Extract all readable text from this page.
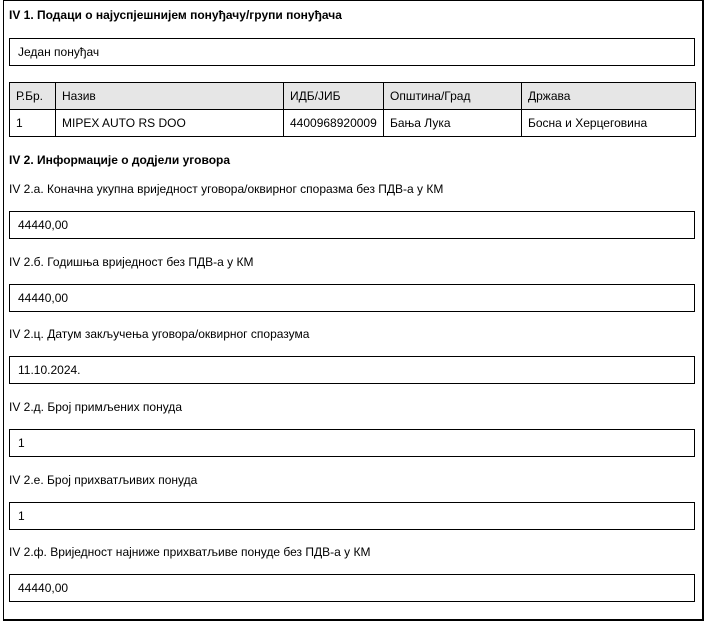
IV 1. Подаци о најуспјешнијем понуђачу/групи понуђача
Један понуђач
Р.Бр.	Назив	ИДБ/ЈИБ	Општина/Град	Држава
1	MIPEX AUTO RS DOO	4400968920009	Бања Лука	Босна и Херцеговина
IV 2. Информације о додјели уговора
IV 2.а. Коначна укупна вриједност уговора/оквирног споразма без ПДВ-а у КМ
44440,00
IV 2.б. Годишња вриједност без ПДВ-а у КМ
44440,00
IV 2.ц. Датум закључења уговора/оквирног споразума
11.10.2024.
IV 2.д. Број примљених понуда
1
IV 2.е. Број прихватљивих понуда
1
IV 2.ф. Вриједност најниже прихватљиве понуде без ПДВ-а у КМ
44440,00
